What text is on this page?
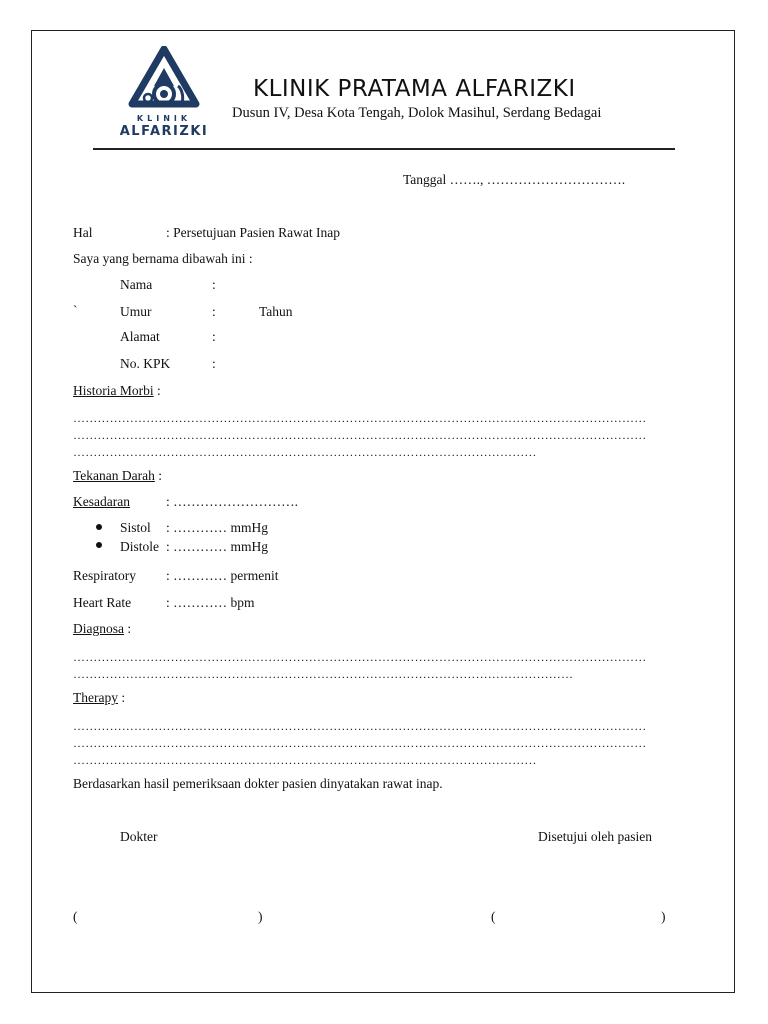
KLINIK
ALFARIZKI
KLINIK PRATAMA ALFARIZKI
Dusun IV, Desa Kota Tengah, Dolok Masihul, Serdang Bedagai
Tanggal ……., ………………………….
Hal	: Persetujuan Pasien Rawat Inap
Saya yang bernama dibawah ini :
`
Nama	:
Umur	:	Tahun
Alamat	:
No. KPK	:
Historia Morbi :
……………………………………………………………………………………………………………………………
……………………………………………………………………………………………………………………………
……………………………………………………………………………………………………
Tekanan Darah :
Kesadaran	: ……………………….
Sistol : ………… mmHg
Distole : ………… mmHg
Respiratory : ………… permenit
Heart Rate	: ………… bpm
Diagnosa :
……………………………………………………………………………………………………………………………
……………………………………………………………………………………………………………
Therapy :
……………………………………………………………………………………………………………………………
……………………………………………………………………………………………………………………………
……………………………………………………………………………………………………
Berdasarkan hasil pemeriksaan dokter pasien dinyatakan rawat inap.
Dokter	Disetujui oleh pasien
(	)	(	)
